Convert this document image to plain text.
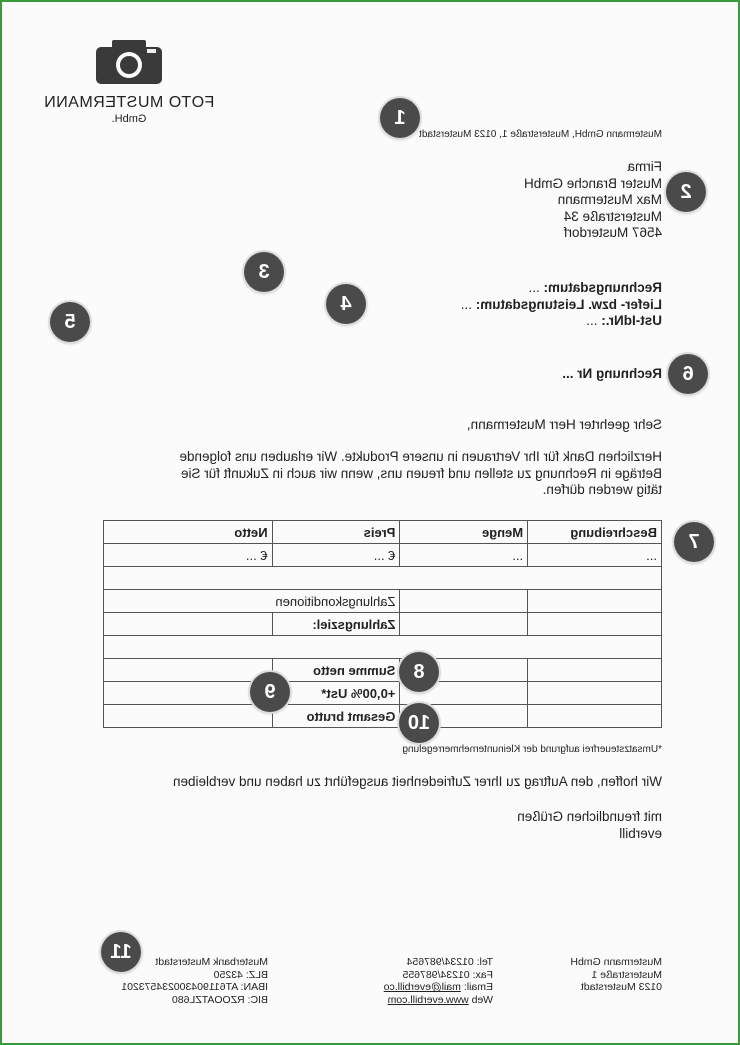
FOTO MUSTERMANN
GmbH.	1
Mustermann GmbH, Musterstraße 1, 0123 Musterstadt
2
Firma
Muster Branche GmbH
Max Mustermann
Musterstraße 34
4567 Musterdorf
3
4
5
Rechnungsdatum: ...
Liefer- bzw. Leistungsdatum: ...
Ust-IdNr.: ...
6
Rechnung Nr ...
Sehr geehrter Herr Mustermann,
Herzlichen Dank für Ihr Vertrauen in unsere Produkte. Wir erlauben uns folgende
Beträge in Rechnung zu stellen und freuen uns, wenn wir auch in Zukunft für Sie
tätig werden dürfen.
7
Beschreibung	Menge	Preis	Netto
...	...	€ ...	€ ...

		Zahlungskonditionen	
		Zahlungsziel:	

		Summe netto	
		+0,00% Ust*	
		Gesamt brutto	
8
9
10
*Umsatzsteuerfrei aufgrund der Kleinunternehmerregelung
Wir hoffen, den Auftrag zu Ihrer Zufriedenheit ausgeführt zu haben und verbleiben
mit freundlichen Grüßen
everbill
11	Mustermann GmbH
Musterstraße 1
0123 Musterstadt
Tel: 01234/987654
Fax: 01234/987655
Email: mail@everbill.co
Web www.everbill.com
Musterbank Musterstadt
BLZ: 43250
IBAN: AT611904300234573201
BIC: RZOOATZL680
